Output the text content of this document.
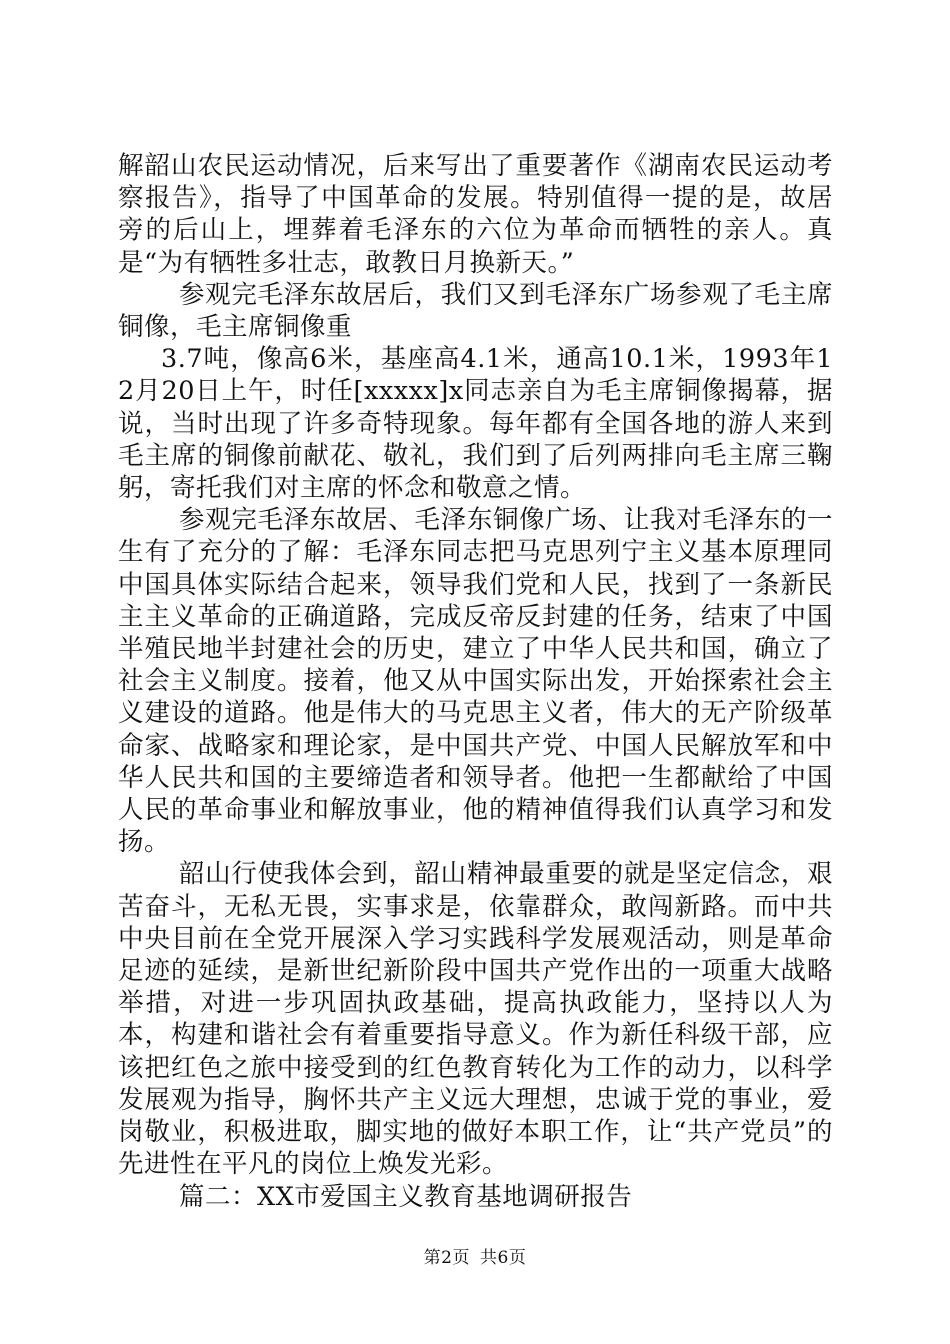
解韶山农民运动情况，后来写出了重要著作《湖南农民运动考察报告》，指导了中国革命的发展。特别值得一提的是，故居旁的后山上，埋葬着毛泽东的六位为革命而牺牲的亲人。真是“为有牺牲多壮志，敢教日月换新天。”

参观完毛泽东故居后，我们又到毛泽东广场参观了毛主席铜像，毛主席铜像重

3.7吨，像高6米，基座高4.1米，通高10.1米，1993年12月20日上午，时任[xxxxx]x同志亲自为毛主席铜像揭幕，据说，当时出现了许多奇特现象。每年都有全国各地的游人来到毛主席的铜像前献花、敬礼，我们到了后列两排向毛主席三鞠躬，寄托我们对主席的怀念和敬意之情。

参观完毛泽东故居、毛泽东铜像广场、让我对毛泽东的一生有了充分的了解：毛泽东同志把马克思列宁主义基本原理同中国具体实际结合起来，领导我们党和人民，找到了一条新民主主义革命的正确道路，完成反帝反封建的任务，结束了中国半殖民地半封建社会的历史，建立了中华人民共和国，确立了社会主义制度。接着，他又从中国实际出发，开始探索社会主义建设的道路。他是伟大的马克思主义者，伟大的无产阶级革命家、战略家和理论家，是中国共产党、中国人民解放军和中华人民共和国的主要缔造者和领导者。他把一生都献给了中国人民的革命事业和解放事业，他的精神值得我们认真学习和发扬。

韶山行使我体会到，韶山精神最重要的就是坚定信念，艰苦奋斗，无私无畏，实事求是，依靠群众，敢闯新路。而中共中央目前在全党开展深入学习实践科学发展观活动，则是革命足迹的延续，是新世纪新阶段中国共产党作出的一项重大战略举措，对进一步巩固执政基础，提高执政能力，坚持以人为本，构建和谐社会有着重要指导意义。作为新任科级干部，应该把红色之旅中接受到的红色教育转化为工作的动力，以科学发展观为指导，胸怀共产主义远大理想，忠诚于党的事业，爱岗敬业，积极进取，脚实地的做好本职工作，让“共产党员”的先进性在平凡的岗位上焕发光彩。

篇二：XX市爱国主义教育基地调研报告

第2页 共6页
